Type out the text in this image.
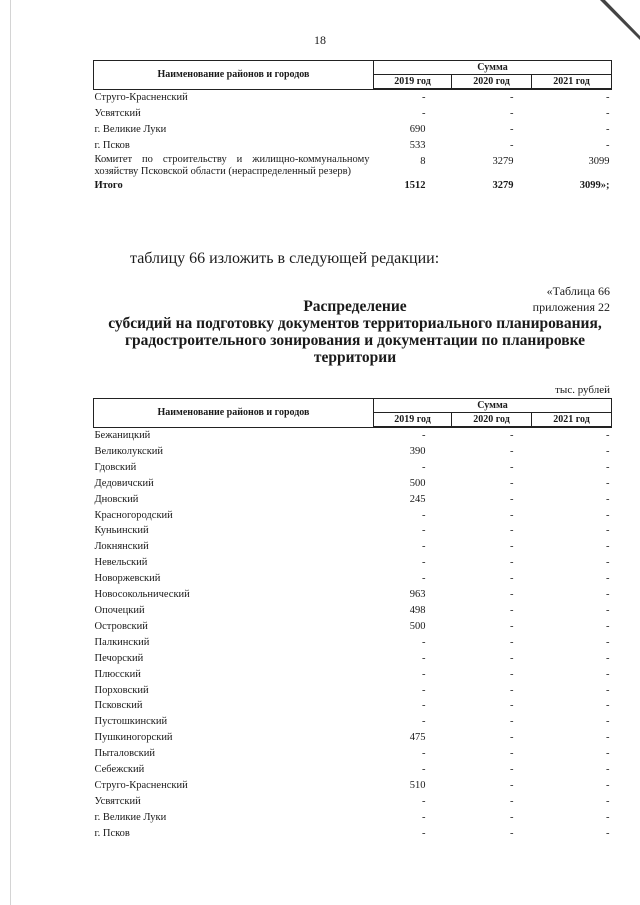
18
Наименование районов и городов	Сумма		
	2019 год	2020 год	2021 год
Струго-Красненский	-	-	-
Усвятский	-	-	-
г. Великие Луки	690	-	-
г. Псков	533	-	-
Комитет по строительству и жилищно-коммунальному хозяйству Псковской области (нераспределенный резерв)	8	3279	3099
Итого	1512	3279	3099»;
таблицу 66 изложить в следующей редакции:
«Таблица 66
приложения 22
Распределение
субсидий на подготовку документов территориального планирования,
градостроительного зонирования и документации по планировке
территории
тыс. рублей
Наименование районов и городов	Сумма		
	2019 год	2020 год	2021 год
Бежаницкий	-	-	-
Великолукский	390	-	-
Гдовский	-	-	-
Дедовичский	500	-	-
Дновский	245	-	-
Красногородский	-	-	-
Куньинский	-	-	-
Локнянский	-	-	-
Невельский	-	-	-
Новоржевский	-	-	-
Новосокольнический	963	-	-
Опочецкий	498	-	-
Островский	500	-	-
Палкинский	-	-	-
Печорский	-	-	-
Плюсский	-	-	-
Порховский	-	-	-
Псковский	-	-	-
Пустошкинский	-	-	-
Пушкиногорский	475	-	-
Пыталовский	-	-	-
Себежский	-	-	-
Струго-Красненский	510	-	-
Усвятский	-	-	-
г. Великие Луки	-	-	-
г. Псков	-	-	-
